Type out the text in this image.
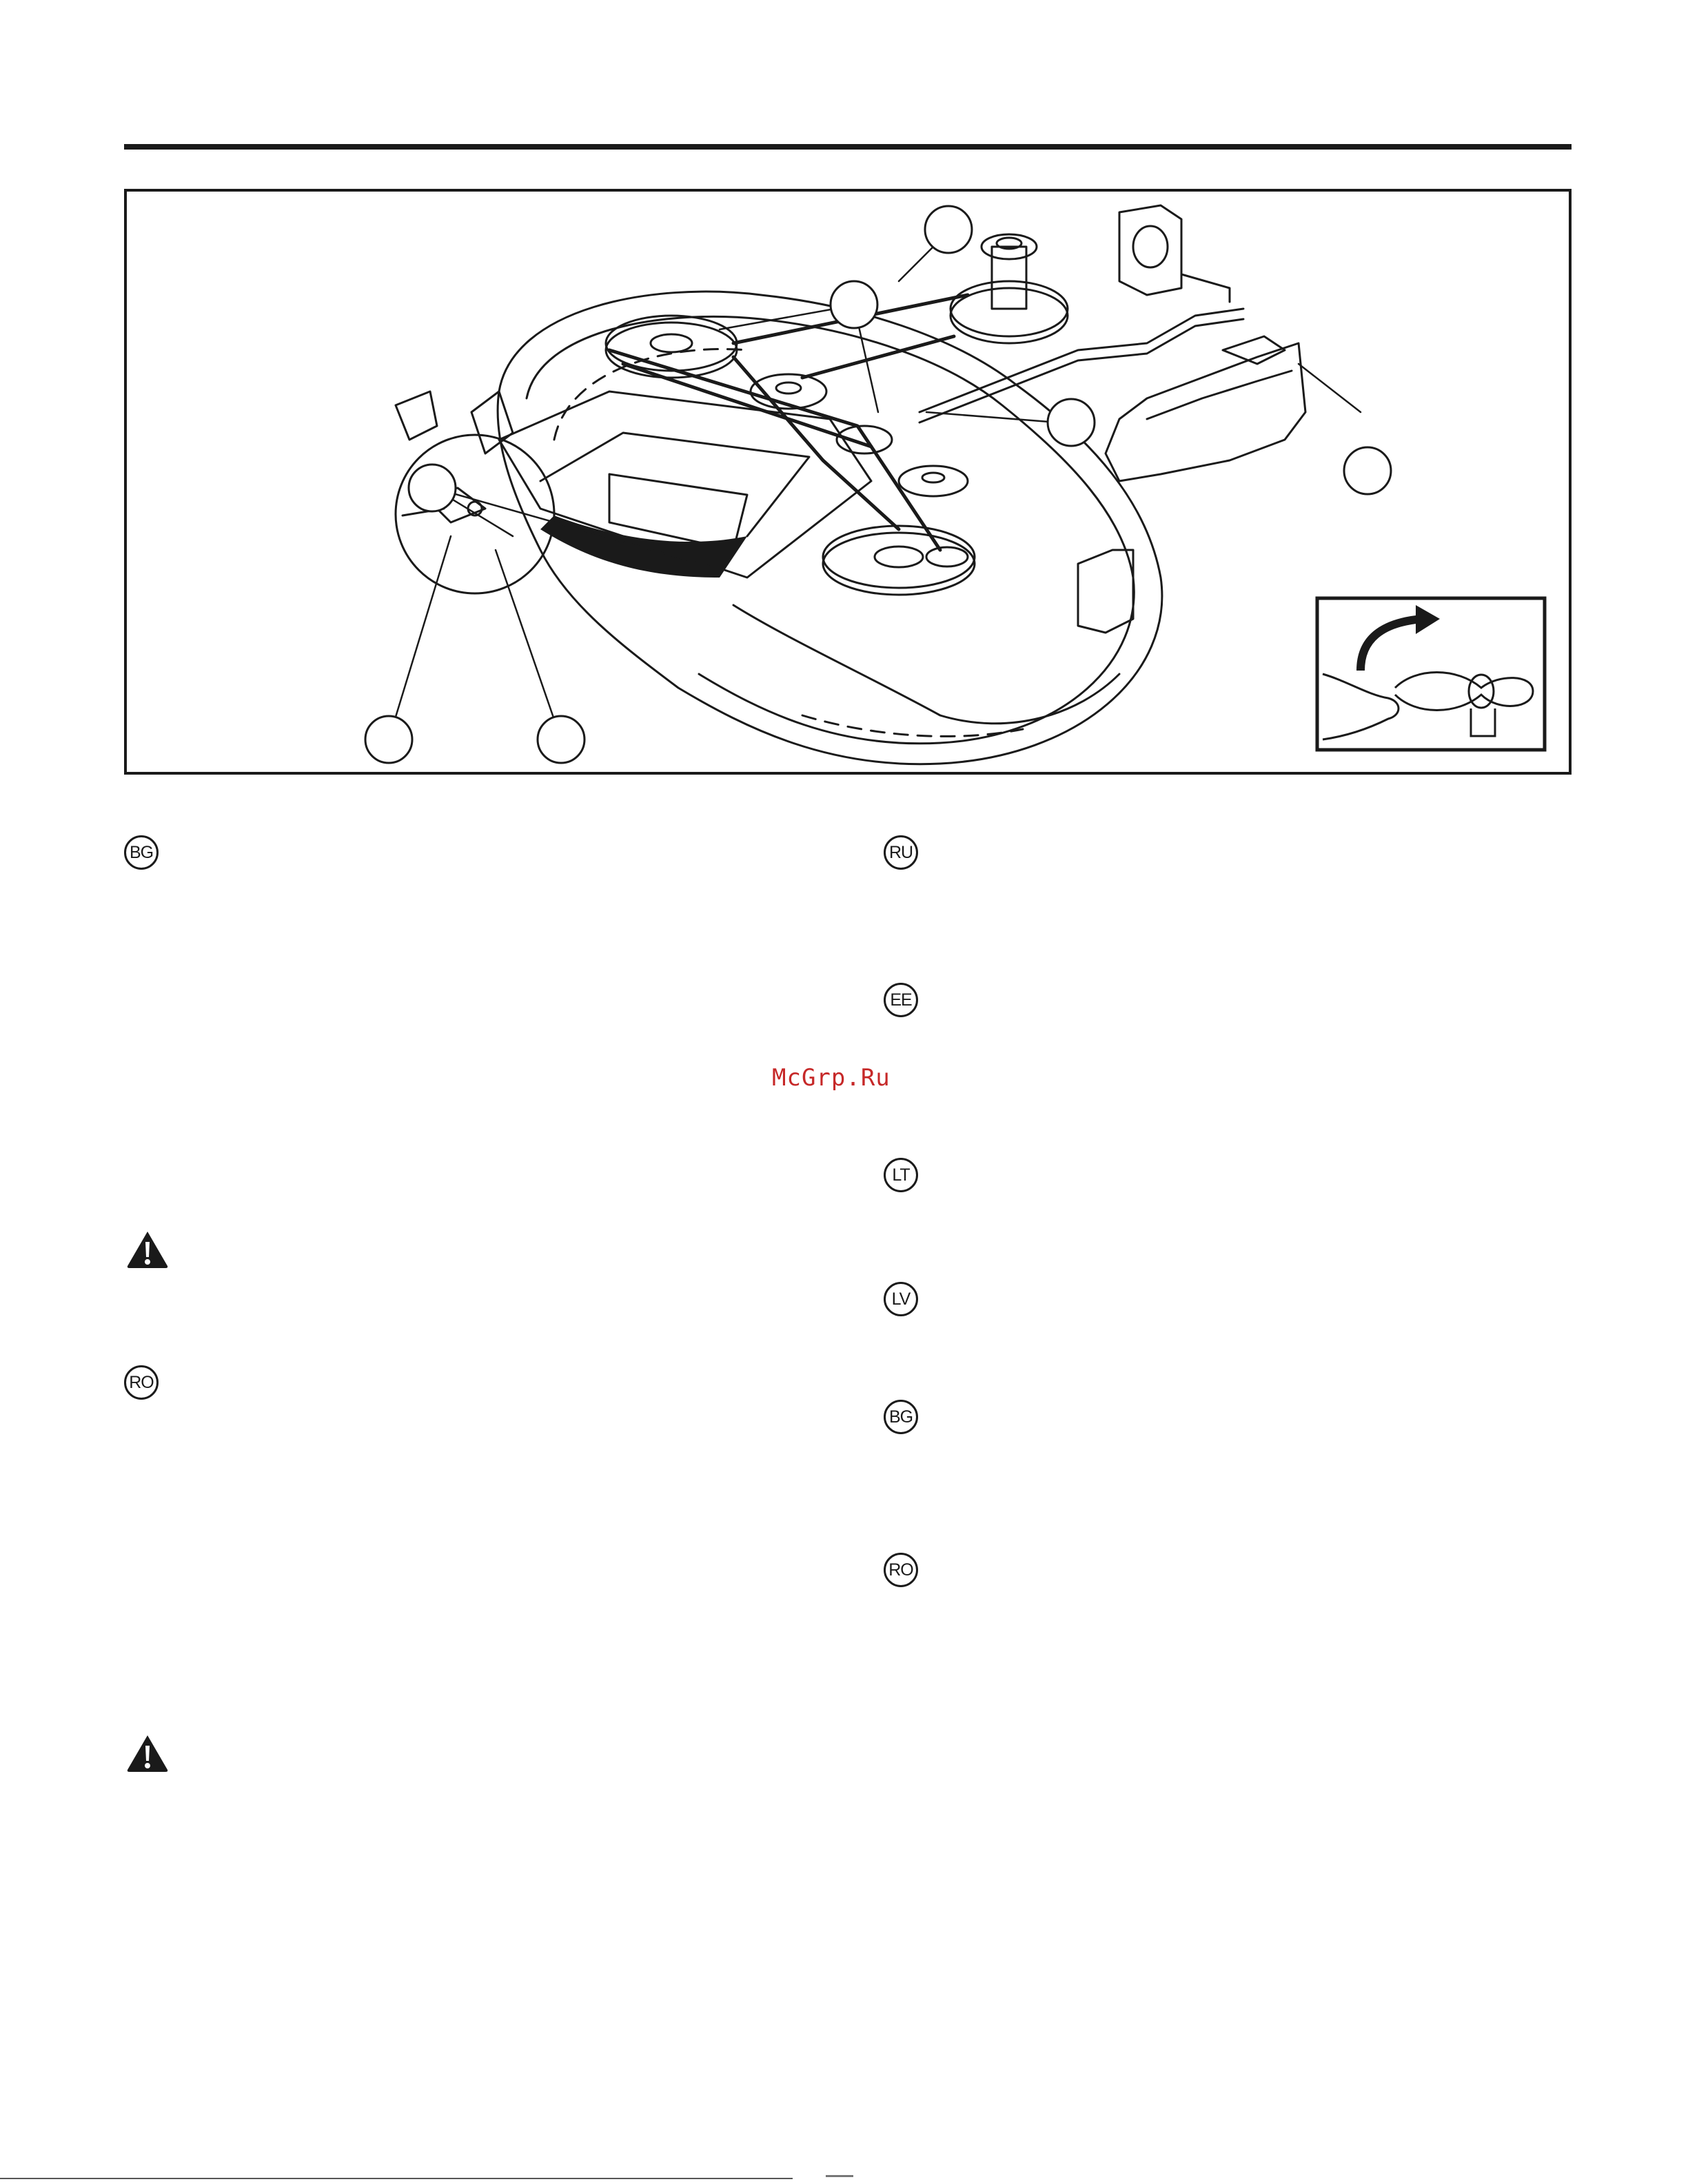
BG
RO
RU
EE
LT
LV
BG
RO
McGrp.Ru
